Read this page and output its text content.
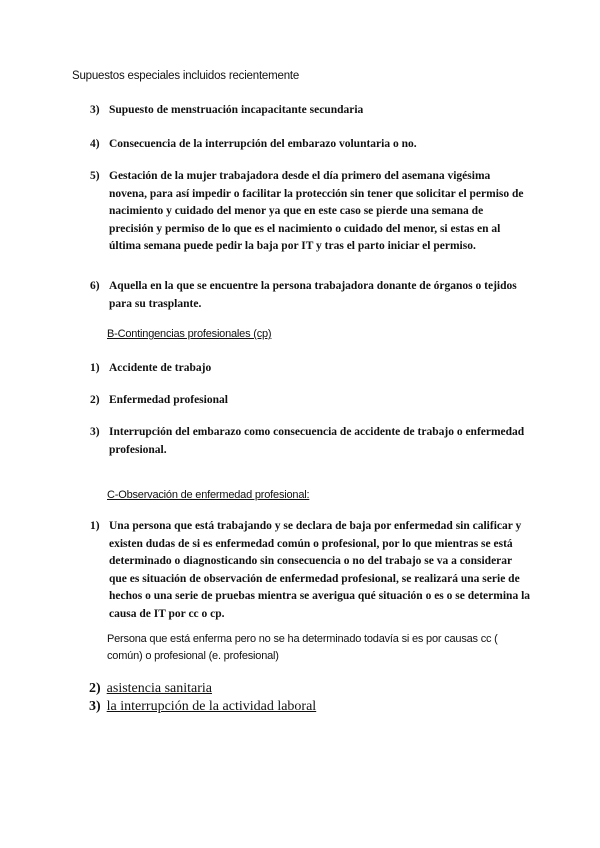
Supuestos especiales incluidos recientemente
3) Supuesto de menstruación incapacitante secundaria
4) Consecuencia de la interrupción del embarazo voluntaria o no.
5) Gestación de la mujer trabajadora desde el día primero del asemana vigésima novena, para así impedir o facilitar la protección sin tener que solicitar el permiso de nacimiento y cuidado del menor ya que en este caso se pierde una semana de precisión y permiso de lo que es el nacimiento o cuidado del menor, si estas en al última semana puede pedir la baja por IT y tras el parto iniciar el permiso.
6) Aquella en la que se encuentre la persona trabajadora donante de órganos o tejidos para su trasplante.
B-Contingencias profesionales (cp)
1) Accidente de trabajo
2) Enfermedad profesional
3) Interrupción del embarazo como consecuencia de accidente de trabajo o enfermedad profesional.
C-Observación de enfermedad profesional:
1) Una persona que está trabajando y se declara de baja por enfermedad sin calificar y existen dudas de si es enfermedad común o profesional, por lo que mientras se está determinado o diagnosticando sin consecuencia o no del trabajo se va a considerar que es situación de observación de enfermedad profesional, se realizará una serie de hechos o una serie de pruebas mientra se averigua qué situación o es o se determina la causa de IT por cc o cp.
Persona que está enferma pero no se ha determinado todavía si es por causas cc ( común) o profesional (e. profesional)
2) asistencia sanitaria
3) la interrupción de la actividad laboral
